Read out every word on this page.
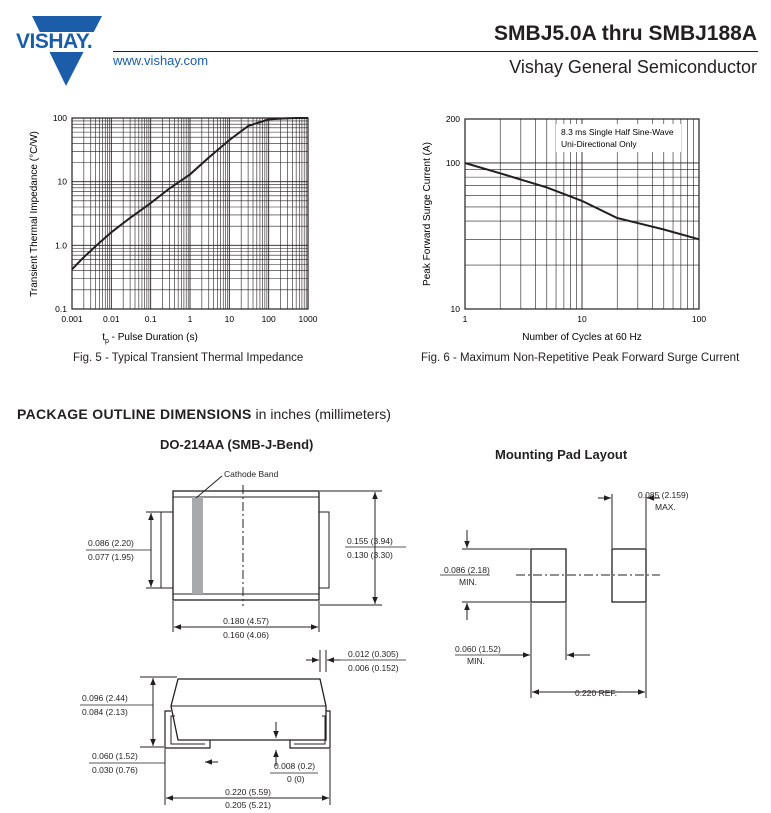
VISHAY.
www.vishay.com
SMBJ5.0A thru SMBJ188A
Vishay General Semiconductor
0.001 0.01	0.1	1	10	100	1000
0.1
1.0
10
100
$t_p$ - Pulse Duration (s)
Transient Thermal Impedance (°C/W)
Fig. 5 - Typical Transient Thermal Impedance
8.3 ms Single Half Sine-Wave
Uni-Directional Only
1	10	100
10
100
200
Number of Cycles at 60 Hz
Peak Forward Surge Current (A)
Fig. 6 - Maximum Non-Repetitive Peak Forward Surge Current
PACKAGE OUTLINE DIMENSIONS in inches (millimeters)
DO-214AA (SMB-J-Bend)
Mounting Pad Layout
Cathode Band
0.086 (2.20)
0.077 (1.95)
0.155 (3.94)
0.130 (3.30)
0.180 (4.57)
0.160 (4.06)
0.012 (0.305)
0.006 (0.152)
0.096 (2.44)
0.084 (2.13)
0.060 (1.52)
0.030 (0.76)	0.008 (0.2)
0 (0)
0.220 (5.59)
0.205 (5.21)
0.085 (2.159)
MAX.
0.086 (2.18)
MIN.
0.060 (1.52)
MIN.
0.220 REF.
